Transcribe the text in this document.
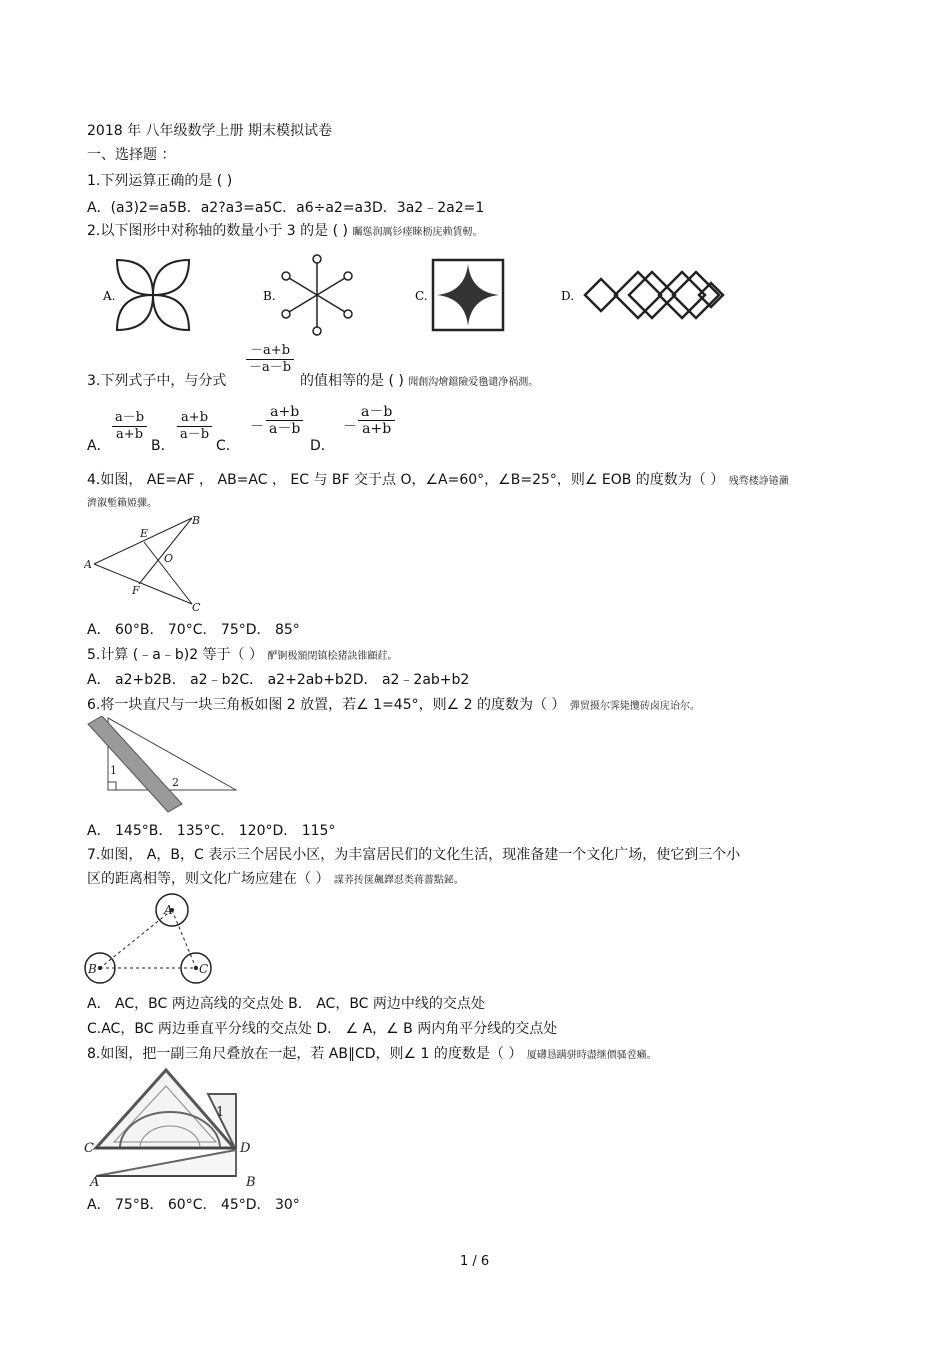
2018 年 八年级数学上册 期末模拟试卷
一、选择题 ：
1.下列运算正确的是 ( )
A．(a3)2=a5B．a2?a3=a5C．a6÷a2=a3D．3a2﹣2a2=1
2.以下图形中对称轴的数量小于 3 的是 ( ) 矚慫润厲钐瘗睞枥庑赖賃軔。
A.	B.	C.	D.
3.下列式子中，与分式
$\frac{-a+b}{-a-b}$
的值相等的是 ( ) 聞創沟燴鐺險爱氇谴净祸測。
A．
$\frac{a-b}{a+b}$
B．
$\frac{a+b}{a-b}$
C．
－ $\frac{a+b}{a-b}$
D．
－ $\frac{a-b}{a+b}$
4.如图， AE=AF ， AB=AC ， EC 与 BF 交于点 O，∠A=60°，∠B=25°，则∠ EOB 的度数为（ ） 残骛楼諍锩瀨
濟溆塹籟婭骤。
A
B
C
E
F
O
A． 60°B． 70°C． 75°D． 85°
5.计算 (﹣a﹣b)2 等于（ ） 酽锕极額閉镇桧猪訣锥顧荭。
A． a2+b2B． a2﹣b2C． a2+2ab+b2D． a2﹣2ab+b2
6.将一块直尺与一块三角板如图 2 放置，若∠ 1=45°，则∠ 2 的度数为（ ） 彈贸摄尔霁毙攬砖卤庑诒尔。
1
2
A． 145°B． 135°C． 120°D． 115°
7.如图， A，B，C 表示三个居民小区，为丰富居民们的文化生活，现准备建一个文化广场，使它到三个小
区的距离相等，则文化广场应建在（ ） 謀荞抟箧飆鐸怼类蒋薔點鉍。
A
B	C
A． AC，BC 两边高线的交点处 B． AC，BC 两边中线的交点处
C.AC，BC 两边垂直平分线的交点处 D． ∠ A，∠ B 两内角平分线的交点处
8.如图，把一副三角尺叠放在一起，若 AB∥CD，则∠ 1 的度数是（ ） 厦礴恳蹒骈時盡继價骚卺癩。
C	D
A	B
1
A． 75°B． 60°C． 45°D． 30°
1 / 6
